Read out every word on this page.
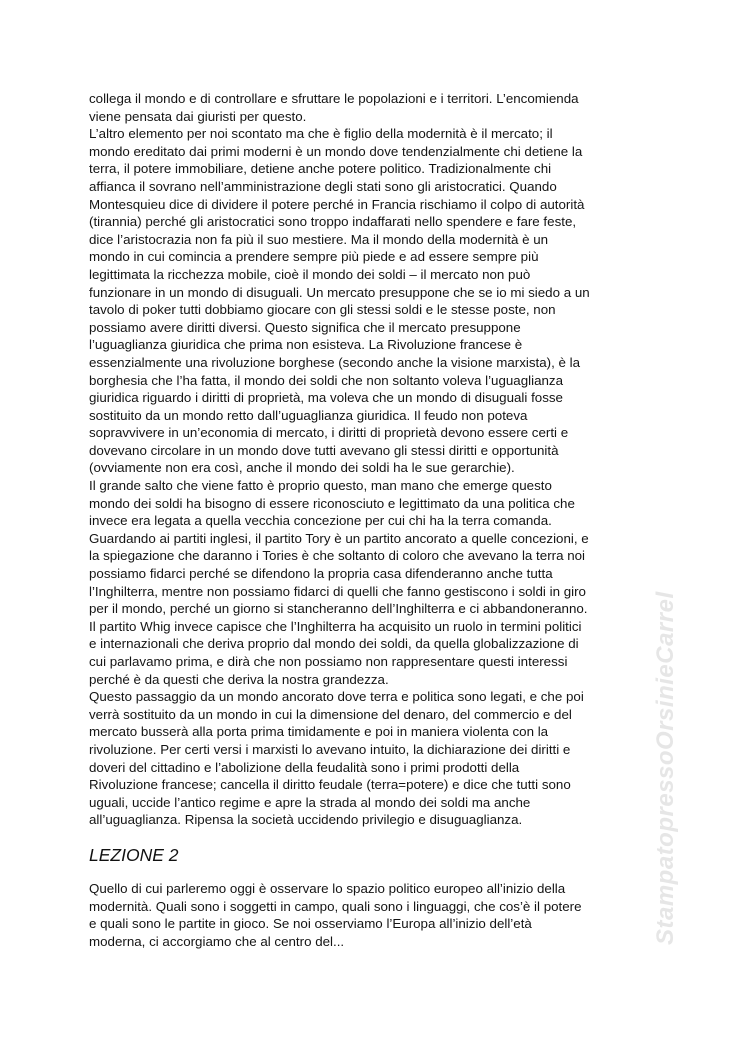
collega il mondo e di controllare e sfruttare le popolazioni e i territori. L’encomienda
viene pensata dai giuristi per questo.
L’altro elemento per noi scontato ma che è figlio della modernità è il mercato; il
mondo ereditato dai primi moderni è un mondo dove tendenzialmente chi detiene la
terra, il potere immobiliare, detiene anche potere politico. Tradizionalmente chi
affianca il sovrano nell’amministrazione degli stati sono gli aristocratici. Quando
Montesquieu dice di dividere il potere perché in Francia rischiamo il colpo di autorità
(tirannia) perché gli aristocratici sono troppo indaffarati nello spendere e fare feste,
dice l’aristocrazia non fa più il suo mestiere. Ma il mondo della modernità è un
mondo in cui comincia a prendere sempre più piede e ad essere sempre più
legittimata la ricchezza mobile, cioè il mondo dei soldi – il mercato non può
funzionare in un mondo di disuguali. Un mercato presuppone che se io mi siedo a un
tavolo di poker tutti dobbiamo giocare con gli stessi soldi e le stesse poste, non
possiamo avere diritti diversi. Questo significa che il mercato presuppone
l’uguaglianza giuridica che prima non esisteva. La Rivoluzione francese è
essenzialmente una rivoluzione borghese (secondo anche la visione marxista), è la
borghesia che l’ha fatta, il mondo dei soldi che non soltanto voleva l’uguaglianza
giuridica riguardo i diritti di proprietà, ma voleva che un mondo di disuguali fosse
sostituito da un mondo retto dall’uguaglianza giuridica. Il feudo non poteva
sopravvivere in un’economia di mercato, i diritti di proprietà devono essere certi e
dovevano circolare in un mondo dove tutti avevano gli stessi diritti e opportunità
(ovviamente non era così, anche il mondo dei soldi ha le sue gerarchie).
Il grande salto che viene fatto è proprio questo, man mano che emerge questo
mondo dei soldi ha bisogno di essere riconosciuto e legittimato da una politica che
invece era legata a quella vecchia concezione per cui chi ha la terra comanda.
Guardando ai partiti inglesi, il partito Tory è un partito ancorato a quelle concezioni, e
la spiegazione che daranno i Tories è che soltanto di coloro che avevano la terra noi
possiamo fidarci perché se difendono la propria casa difenderanno anche tutta
l’Inghilterra, mentre non possiamo fidarci di quelli che fanno gestiscono i soldi in giro
per il mondo, perché un giorno si stancheranno dell’Inghilterra e ci abbandoneranno.
Il partito Whig invece capisce che l’Inghilterra ha acquisito un ruolo in termini politici
e internazionali che deriva proprio dal mondo dei soldi, da quella globalizzazione di
cui parlavamo prima, e dirà che non possiamo non rappresentare questi interessi
perché è da questi che deriva la nostra grandezza.
Questo passaggio da un mondo ancorato dove terra e politica sono legati, e che poi
verrà sostituito da un mondo in cui la dimensione del denaro, del commercio e del
mercato busserà alla porta prima timidamente e poi in maniera violenta con la
rivoluzione. Per certi versi i marxisti lo avevano intuito, la dichiarazione dei diritti e
doveri del cittadino e l’abolizione della feudalità sono i primi prodotti della
Rivoluzione francese; cancella il diritto feudale (terra=potere) e dice che tutti sono
uguali, uccide l’antico regime e apre la strada al mondo dei soldi ma anche
all’uguaglianza. Ripensa la società uccidendo privilegio e disuguaglianza.
LEZIONE 2
Quello di cui parleremo oggi è osservare lo spazio politico europeo all’inizio della
modernità. Quali sono i soggetti in campo, quali sono i linguaggi, che cos’è il potere
e quali sono le partite in gioco. Se noi osserviamo l’Europa all’inizio dell’età
moderna, ci accorgiamo che al centro del...	StampatopressoOrsinieCarrel
